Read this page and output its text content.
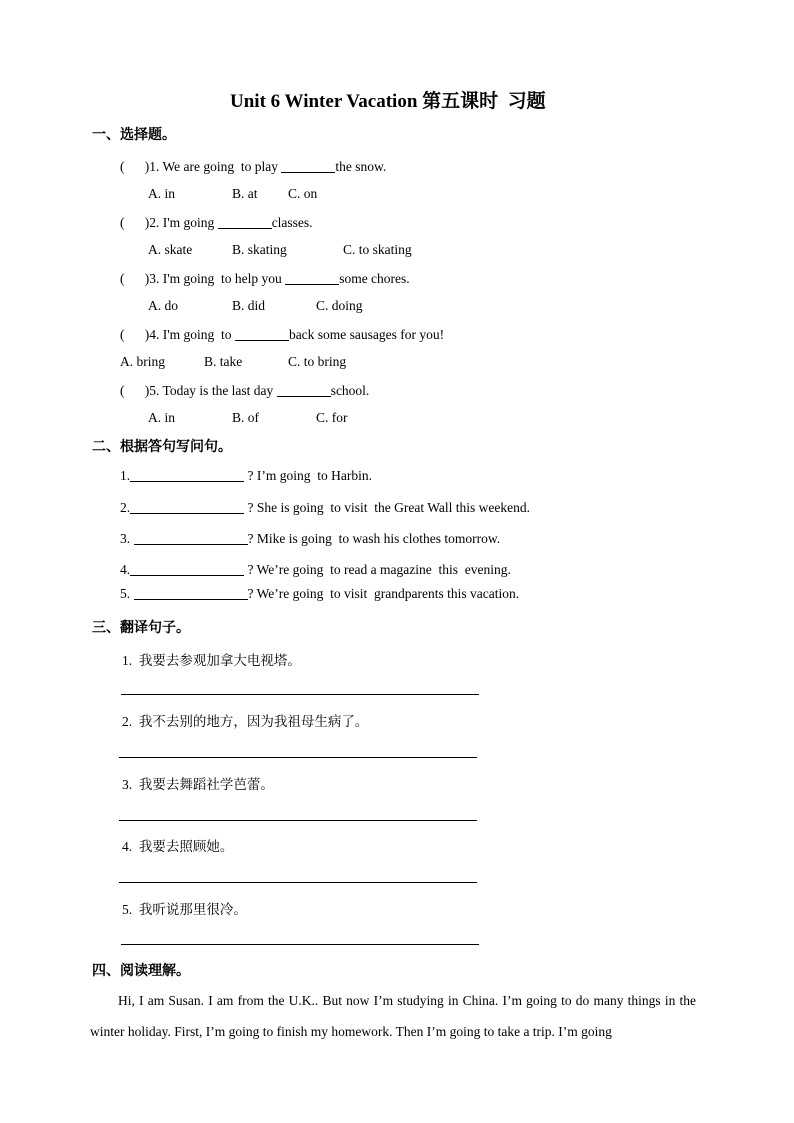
Unit 6 Winter Vacation 第五课时  习题
一、选择题。
(      )1. We are going  to play	the snow.
A. in	B. at C. on
(      )2. I'm going	classes.
A. skate	B. skating	C. to skating
(      )3. I'm going  to help you	some chores.
A. do	B. did	C. doing
(      )4. I'm going  to	back some sausages for you!
A. bring	B. take	C. to bring
(      )5. Today is the last day	school.
A. in	B. of	C. for
二、根据答句写问句。
1.	? I’m going  to Harbin.
2.	? She is going  to visit  the Great Wall this weekend.
3.	? Mike is going  to wash his clothes tomorrow.
4.	? We’re going  to read a magazine  this  evening.
5.	? We’re going  to visit  grandparents this vacation.
三、翻译句子。
1. 我要去参观加拿大电视塔。
2. 我不去别的地方，因为我祖母生病了。
3. 我要去舞蹈社学芭蕾。
4. 我要去照顾她。
5. 我听说那里很冷。
四、阅读理解。
Hi, I am Susan. I am from the U.K.. But now I’m studying in China. I’m going to do many things in the winter holiday. First, I’m going to finish my homework. Then I’m going to take a trip. I’m going
